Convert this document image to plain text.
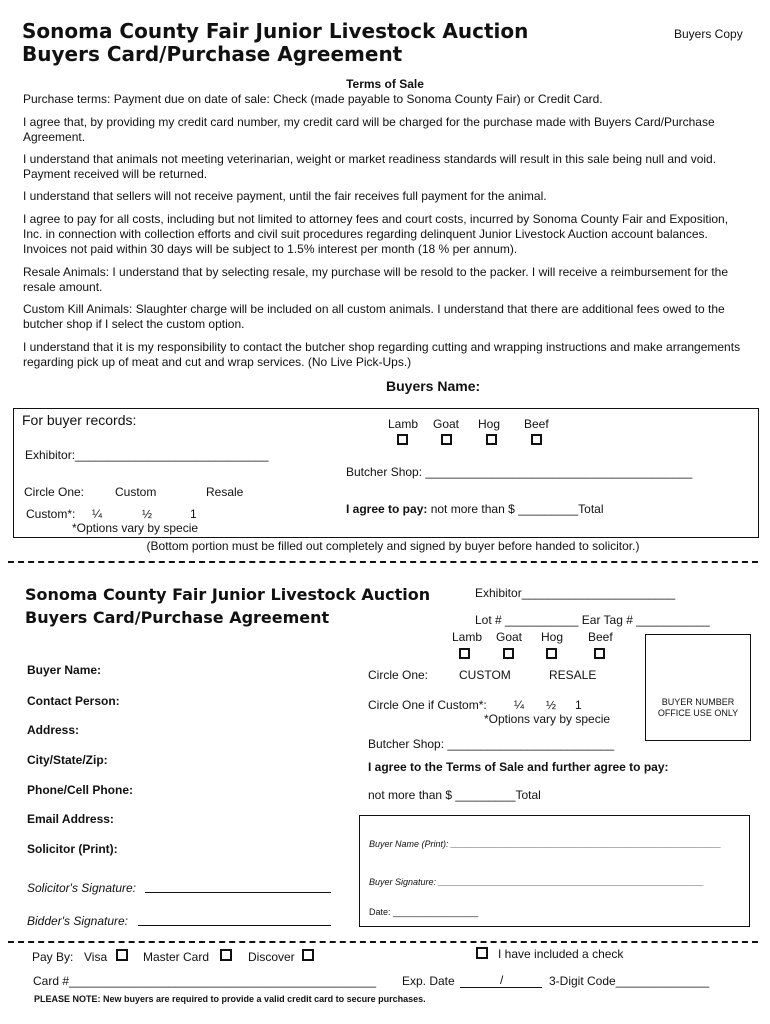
Sonoma County Fair Junior Livestock Auction
Buyers Card/Purchase Agreement
Buyers Copy
Terms of Sale
Purchase terms: Payment due on date of sale: Check (made payable to Sonoma County Fair) or Credit Card.
I agree that, by providing my credit card number, my credit card will be charged for the purchase made with Buyers Card/Purchase Agreement.
I understand that animals not meeting veterinarian, weight or market readiness standards will result in this sale being null and void. Payment received will be returned.
I understand that sellers will not receive payment, until the fair receives full payment for the animal.
I agree to pay for all costs, including but not limited to attorney fees and court costs, incurred by Sonoma County Fair and Exposition, Inc. in connection with collection efforts and civil suit procedures regarding delinquent Junior Livestock Auction account balances. Invoices not paid within 30 days will be subject to 1.5% interest per month (18 % per annum).
Resale Animals: I understand that by selecting resale, my purchase will be resold to the packer. I will receive a reimbursement for the resale amount.
Custom Kill Animals: Slaughter charge will be included on all custom animals. I understand that there are additional fees owed to the butcher shop if I select the custom option.
I understand that it is my responsibility to contact the butcher shop regarding cutting and wrapping instructions and make arrangements regarding pick up of meat and cut and wrap services. (No Live Pick-Ups.)
Buyers Name:
For buyer records:	Lamb Goat Hog Beef
Exhibitor:_____________________________
Butcher Shop: ________________________________________
Circle One:	Custom	Resale
I agree to pay: not more than $ _________Total
Custom*: ¼	½	1
*Options vary by specie
(Bottom portion must be filled out completely and signed by buyer before handed to solicitor.)
Sonoma County Fair Junior Livestock Auction
Buyers Card/Purchase Agreement
Exhibitor_______________________
Lot # ___________ Ear Tag # ___________
Lamb Goat Hog Beef
BUYER NUMBER
OFFICE USE ONLY
Buyer Name:
Contact Person:
Address:
City/State/Zip:
Phone/Cell Phone:
Email Address:
Solicitor (Print):
Solicitor's Signature:
Bidder's Signature:
Circle One:	CUSTOM	RESALE
Circle One if Custom*: ¼ ½ 1
*Options vary by specie
Butcher Shop: _________________________
I agree to the Terms of Sale and further agree to pay:
not more than $ _________Total
Buyer Name (Print): ______________________________________________________
Buyer Signature: _____________________________________________________
Date: _________________
Pay By: Visa	Master Card	Discover	I have included a check
Card #______________________________________________ Exp. Date	/	3-Digit Code______________
PLEASE NOTE: New buyers are required to provide a valid credit card to secure purchases.
